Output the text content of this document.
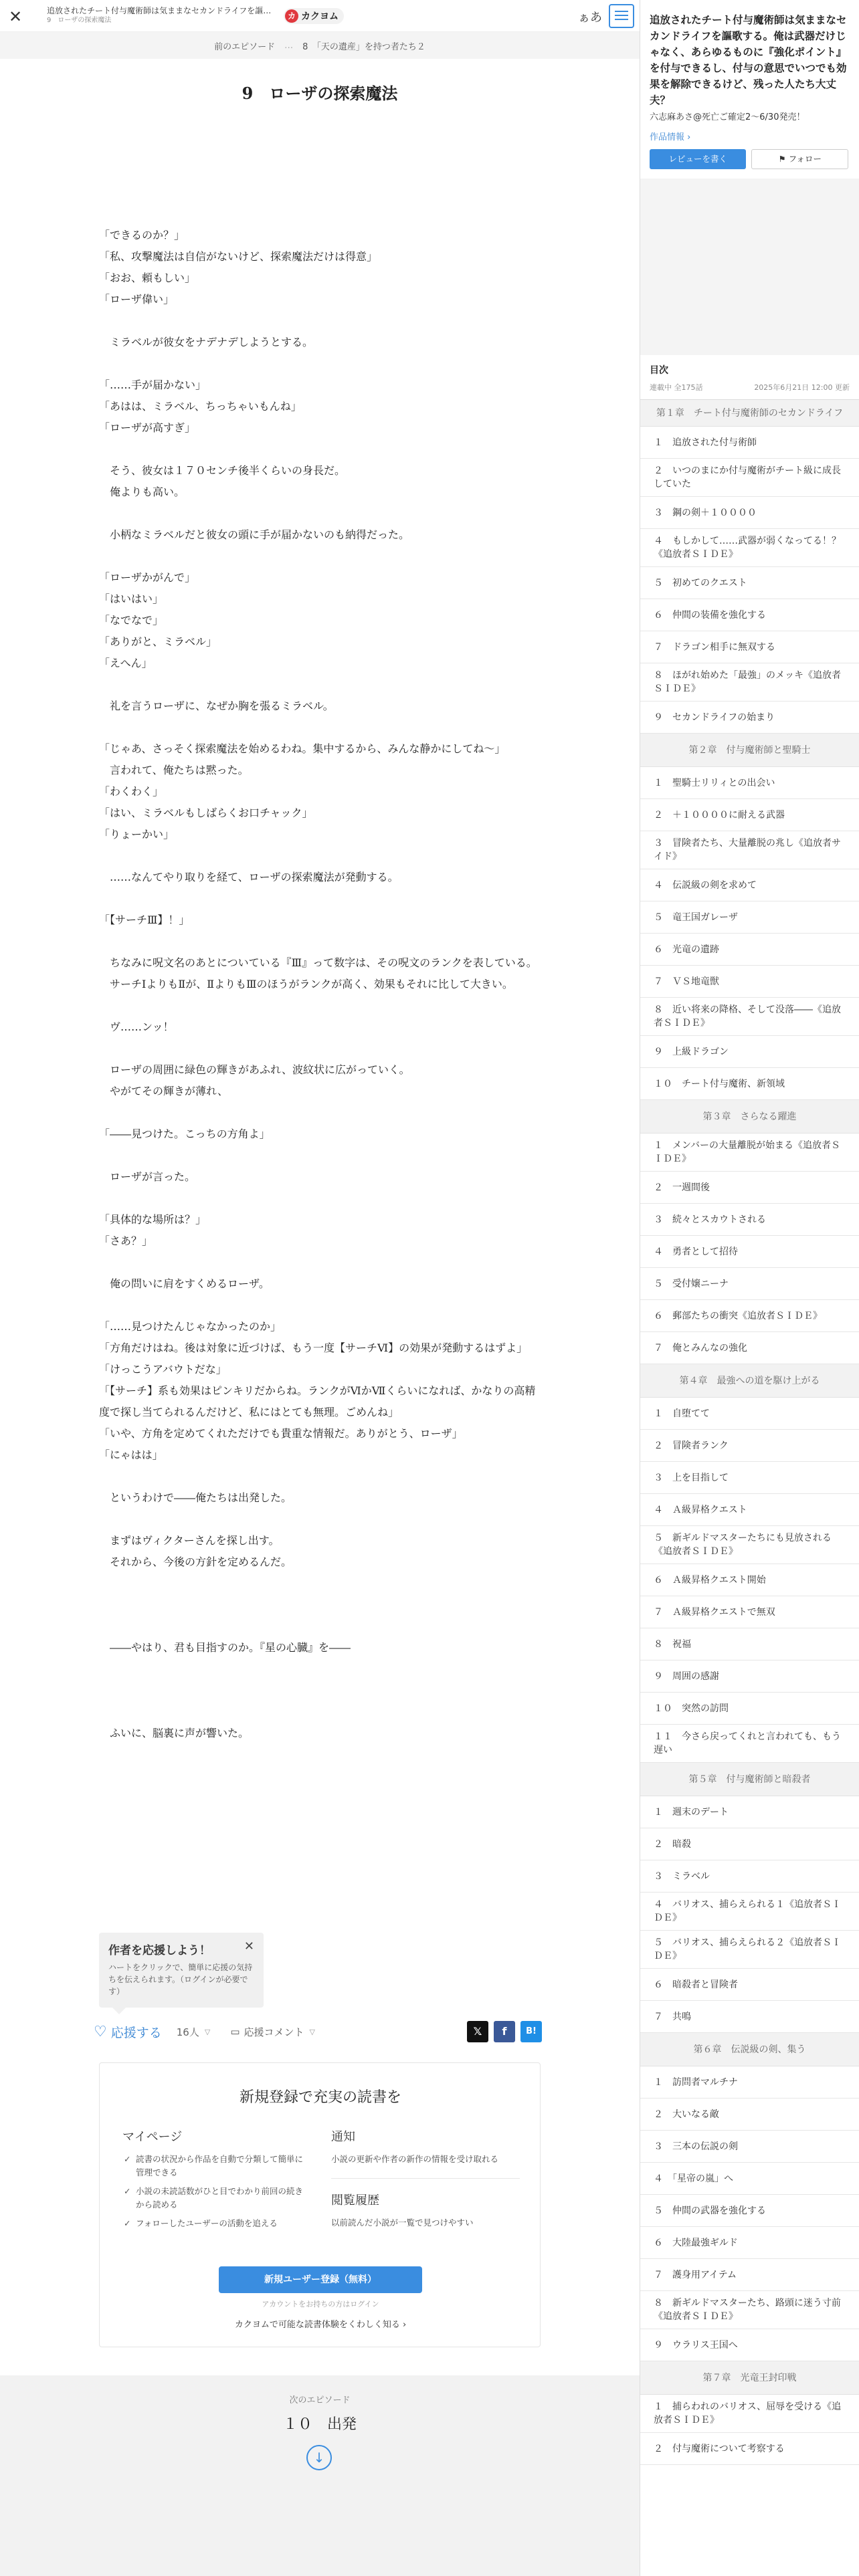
✕	追放されたチート付与魔術師は気ままなセカンドライフを謳…
9　ローザの探索魔法	カ カクヨム	ぁあ
前のエピソード … 8　「天の遺産」を持つ者たち２
9　ローザの探索魔法

「できるのか？」

「私、攻撃魔法は自信がないけど、探索魔法だけは得意」

「おお、頼もしい」

「ローザ偉い」

　ミラベルが彼女をナデナデしようとする。

「……手が届かない」

「あはは、ミラベル、ちっちゃいもんね」

「ローザが高すぎ」

　そう、彼女は１７０センチ後半くらいの身長だ。

　俺よりも高い。

　小柄なミラベルだと彼女の頭に手が届かないのも納得だった。

「ローザかがんで」

「はいはい」

「なでなで」

「ありがと、ミラベル」

「えへん」

　礼を言うローザに、なぜか胸を張るミラベル。

「じゃあ、さっそく探索魔法を始めるわね。集中するから、みんな静かにしてね～」

　言われて、俺たちは黙った。

「わくわく」

「はい、ミラベルもしばらくお口チャック」

「りょーかい」

　……なんてやり取りを経て、ローザの探索魔法が発動する。

「【サーチⅢ】！」

　ちなみに呪文名のあとについている『Ⅲ』って数字は、その呪文のランクを表している。

　サーチⅠよりもⅡが、ⅡよりもⅢのほうがランクが高く、効果もそれに比して大きい。

　ヴ……ンッ！

　ローザの周囲に緑色の輝きがあふれ、波紋状に広がっていく。

　やがてその輝きが薄れ、

「――見つけた。こっちの方角よ」

　ローザが言った。

「具体的な場所は？」

「さあ？」

　俺の問いに肩をすくめるローザ。

「……見つけたんじゃなかったのか」

「方角だけはね。後は対象に近づけば、もう一度【サーチⅥ】の効果が発動するはずよ」

「けっこうアバウトだな」

「【サーチ】系も効果はピンキリだからね。ランクがⅥかⅦくらいになれば、かなりの高精度で探し当てられるんだけど、私にはとても無理。ごめんね」

「いや、方角を定めてくれただけでも貴重な情報だ。ありがとう、ローザ」

「にゃはは」

　というわけで――俺たちは出発した。

　まずはヴィクターさんを探し出す。

　それから、今後の方針を定めるんだ。

　――やはり、君も目指すのか。『星の心臓』を――

　ふいに、脳裏に声が響いた。

作者を応援しよう！	✕
ハートをクリックで、簡単に応援の気持ちを伝えられます。（ログインが必要です）
♡ 応援する 16人 ▽ ▭ 応援コメント ▽	𝕏	f	B!
新規登録で充実の読書を
マイページ
✓ 読書の状況から作品を自動で分類して簡単に管理できる
✓ 小説の未読話数がひと目でわかり前回の続きから読める
✓ フォローしたユーザーの活動を追える
通知
小説の更新や作者の新作の情報を受け取れる
閲覧履歴
以前読んだ小説が一覧で見つけやすい
新規ユーザー登録（無料）
アカウントをお持ちの方はログイン
カクヨムで可能な読書体験をくわしく知る ›
次のエピソード
１０　出発
↓
追放されたチート付与魔術師は気ままなセカンドライフを謳歌する。俺は武器だけじゃなく、あらゆるものに『強化ポイント』を付与できるし、付与の意思でいつでも効果を解除できるけど、残った人たち大丈夫？
六志麻あさ@死亡ご確定2〜6/30発売！
作品情報 ›
レビューを書く	⚑ フォロー
目次
連載中 全175話	2025年6月21日 12:00 更新
第１章　チート付与魔術師のセカンドライフ
１　追放された付与術師
２　いつのまにか付与魔術がチート級に成長していた
３　鋼の剣＋１００００
４　もしかして……武器が弱くなってる！？《追放者ＳＩＤＥ》
５　初めてのクエスト
６　仲間の装備を強化する
７　ドラゴン相手に無双する
８　ほがれ始めた「最強」のメッキ《追放者ＳＩＤＥ》
９　セカンドライフの始まり
第２章　付与魔術師と聖騎士
１　聖騎士リリィとの出会い
２　＋１００００に耐える武器
３　冒険者たち、大量離脱の兆し《追放者サイド》
４　伝説級の剣を求めて
５　竜王国ガレーザ
６　光竜の遺跡
７　ＶＳ地竜獣
８　近い将来の降格、そして没落――《追放者ＳＩＤＥ》
９　上級ドラゴン
１０　チート付与魔術、新領域
第３章　さらなる躍進
１　メンバーの大量離脱が始まる《追放者ＳＩＤＥ》
２　一週間後
３　続々とスカウトされる
４　勇者として招待
５　受付嬢ニーナ
６　郵部たちの衝突《追放者ＳＩＤＥ》
７　俺とみんなの強化
第４章　最強への道を駆け上がる
１　自堕てて
２　冒険者ランク
３　上を目指して
４　Ａ級昇格クエスト
５　新ギルドマスターたちにも見放される《追放者ＳＩＤＥ》
６　Ａ級昇格クエスト開始
７　Ａ級昇格クエストで無双
８　祝福
９　周囲の感謝
１０　突然の訪問
１１　今さら戻ってくれと言われても、もう遅い
第５章　付与魔術師と暗殺者
１　週末のデート
２　暗殺
３　ミラベル
４　バリオス、捕らえられる１《追放者ＳＩＤＥ》
５　バリオス、捕らえられる２《追放者ＳＩＤＥ》
６　暗殺者と冒険者
７　共鳴
第６章　伝説級の剣、集う
１　訪問者マルチナ
２　大いなる敵
３　三本の伝説の剣
４　「星帝の嵐」へ
５　仲間の武器を強化する
６　大陸最強ギルド
７　護身用アイテム
８　新ギルドマスターたち、路頭に迷う寸前《追放者ＳＩＤＥ》
９　ウラリス王国へ
第７章　光竜王封印戦
１　捕らわれのバリオス、屈辱を受ける《追放者ＳＩＤＥ》
２　付与魔術について考察する
